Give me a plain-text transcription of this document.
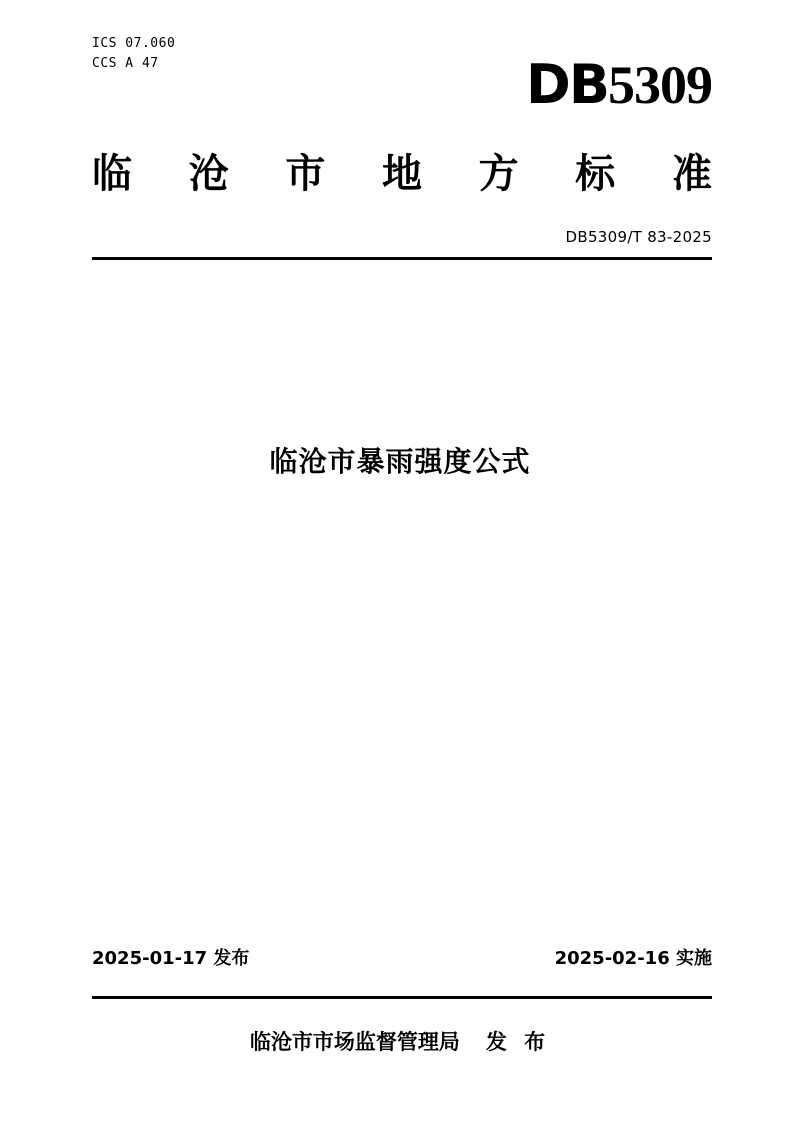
ICS 07.060
CCS A 47	DB5309
临 沧 市 地 方 标 准
DB5309/T 83-2025
临沧市暴雨强度公式
2025-01-17 发布	2025-02-16 实施
临沧市市场监督管理局 发 布
